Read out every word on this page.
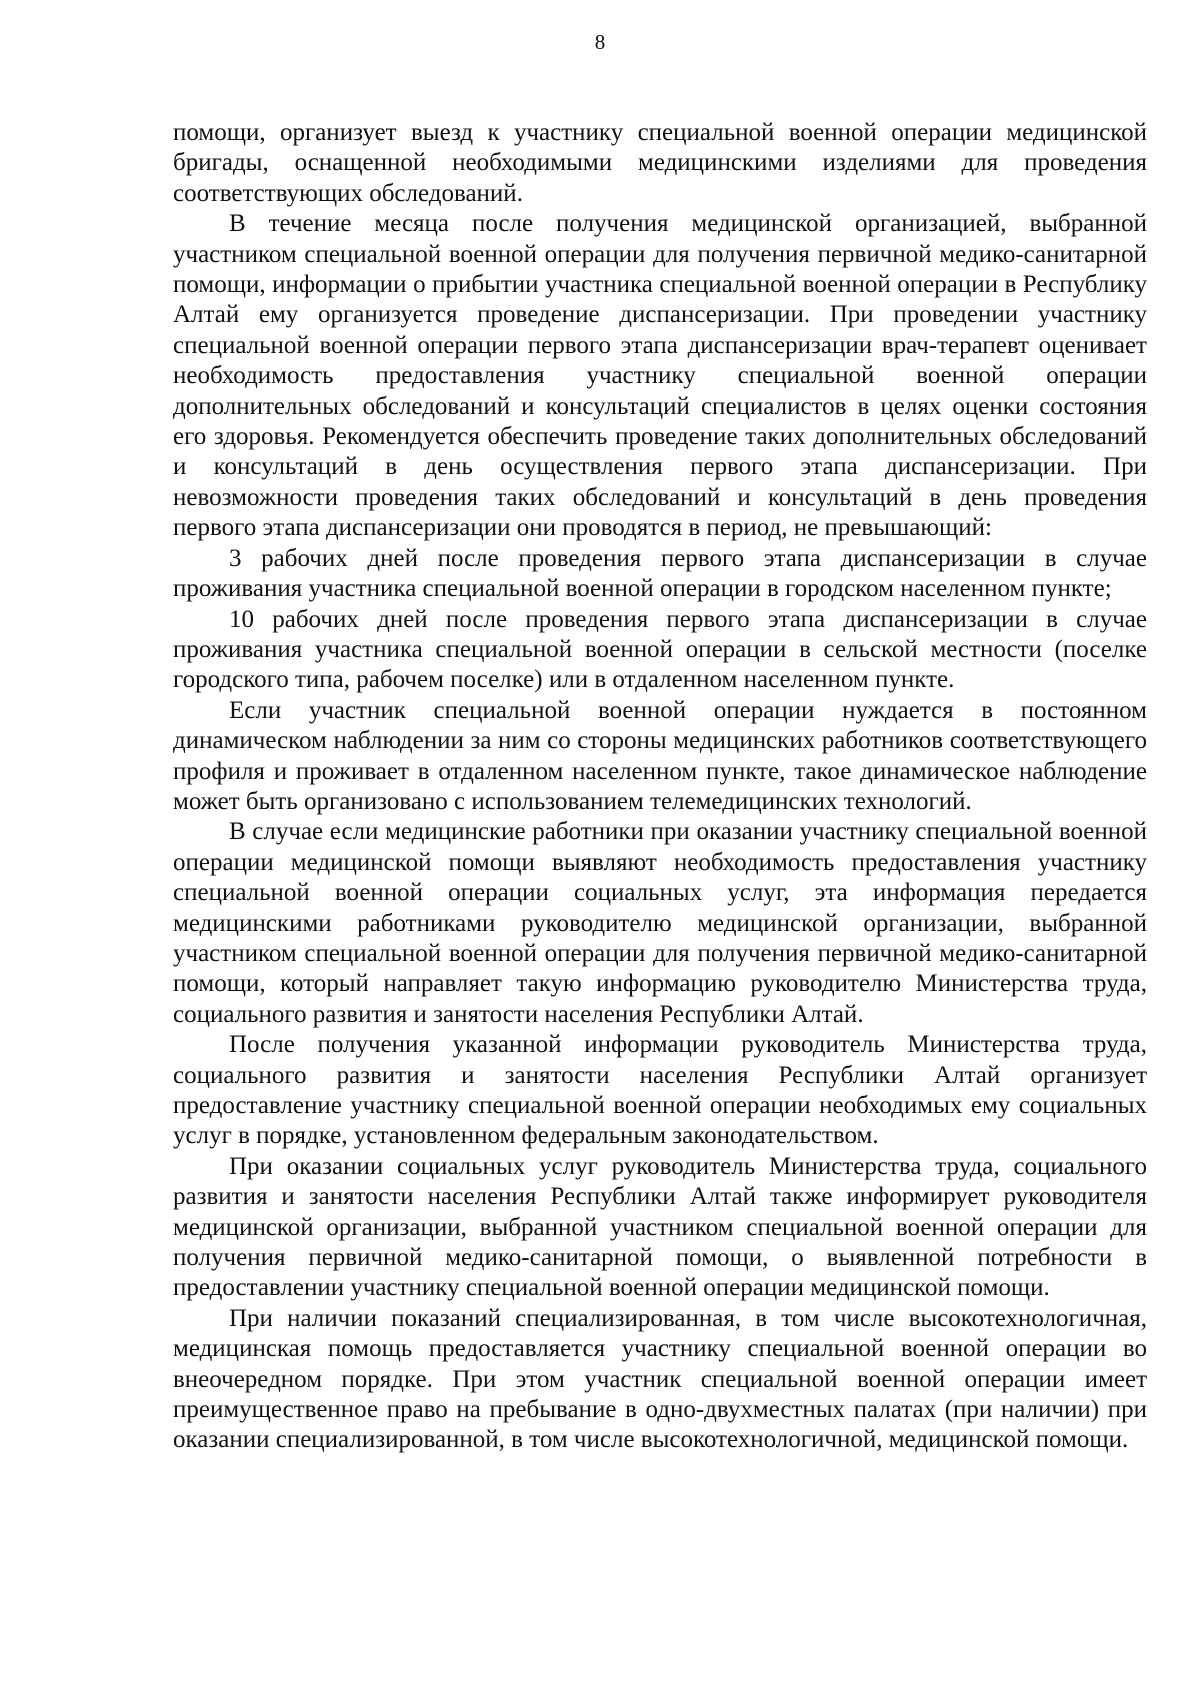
8

помощи, организует выезд к участнику специальной военной операции медицинской бригады, оснащенной необходимыми медицинскими изделиями для проведения соответствующих обследований.

В течение месяца после получения медицинской организацией, выбранной участником специальной военной операции для получения первичной медико-санитарной помощи, информации о прибытии участника специальной военной операции в Республику Алтай ему организуется проведение диспансеризации. При проведении участнику специальной военной операции первого этапа диспансеризации врач-терапевт оценивает необходимость предоставления участнику специальной военной операции дополнительных обследований и консультаций специалистов в целях оценки состояния его здоровья. Рекомендуется обеспечить проведение таких дополнительных обследований и консультаций в день осуществления первого этапа диспансеризации. При невозможности проведения таких обследований и консультаций в день проведения первого этапа диспансеризации они проводятся в период, не превышающий:

3 рабочих дней после проведения первого этапа диспансеризации в случае проживания участника специальной военной операции в городском населенном пункте;

10 рабочих дней после проведения первого этапа диспансеризации в случае проживания участника специальной военной операции в сельской местности (поселке городского типа, рабочем поселке) или в отдаленном населенном пункте.

Если участник специальной военной операции нуждается в постоянном динамическом наблюдении за ним со стороны медицинских работников соответствующего профиля и проживает в отдаленном населенном пункте, такое динамическое наблюдение может быть организовано с использованием телемедицинских технологий.

В случае если медицинские работники при оказании участнику специальной военной операции медицинской помощи выявляют необходимость предоставления участнику специальной военной операции социальных услуг, эта информация передается медицинскими работниками руководителю медицинской организации, выбранной участником специальной военной операции для получения первичной медико-санитарной помощи, который направляет такую информацию руководителю Министерства труда, социального развития и занятости населения Республики Алтай.

После получения указанной информации руководитель Министерства труда, социального развития и занятости населения Республики Алтай организует предоставление участнику специальной военной операции необходимых ему социальных услуг в порядке, установленном федеральным законодательством.

При оказании социальных услуг руководитель Министерства труда, социального развития и занятости населения Республики Алтай также информирует руководителя медицинской организации, выбранной участником специальной военной операции для получения первичной медико-санитарной помощи, о выявленной потребности в предоставлении участнику специальной военной операции медицинской помощи.

При наличии показаний специализированная, в том числе высокотехнологичная, медицинская помощь предоставляется участнику специальной военной операции во внеочередном порядке. При этом участник специальной военной операции имеет преимущественное право на пребывание в одно-двухместных палатах (при наличии) при оказании специализированной, в том числе высокотехнологичной, медицинской помощи.
